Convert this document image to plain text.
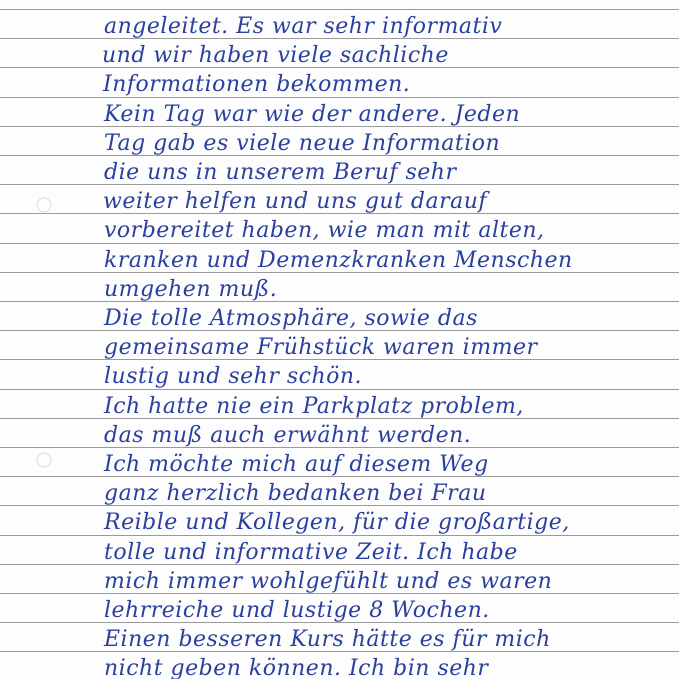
angeleitet. Es war sehr informativ
und wir haben viele sachliche
Informationen bekommen.
Kein Tag war wie der andere. Jeden
Tag gab es viele neue Information
die uns in unserem Beruf sehr
weiter helfen und uns gut darauf
vorbereitet haben, wie man mit alten,
kranken und Demenzkranken Menschen
umgehen muß.
Die tolle Atmosphäre, sowie das
gemeinsame Frühstück waren immer
lustig und sehr schön.
Ich hatte nie ein Parkplatz problem,
das muß auch erwähnt werden.
Ich möchte mich auf diesem Weg
ganz herzlich bedanken bei Frau
Reible und Kollegen, für die großartige,
tolle und informative Zeit. Ich habe
mich immer wohlgefühlt und es waren
lehrreiche und lustige 8 Wochen.
Einen besseren Kurs hätte es für mich
nicht geben können. Ich bin sehr
